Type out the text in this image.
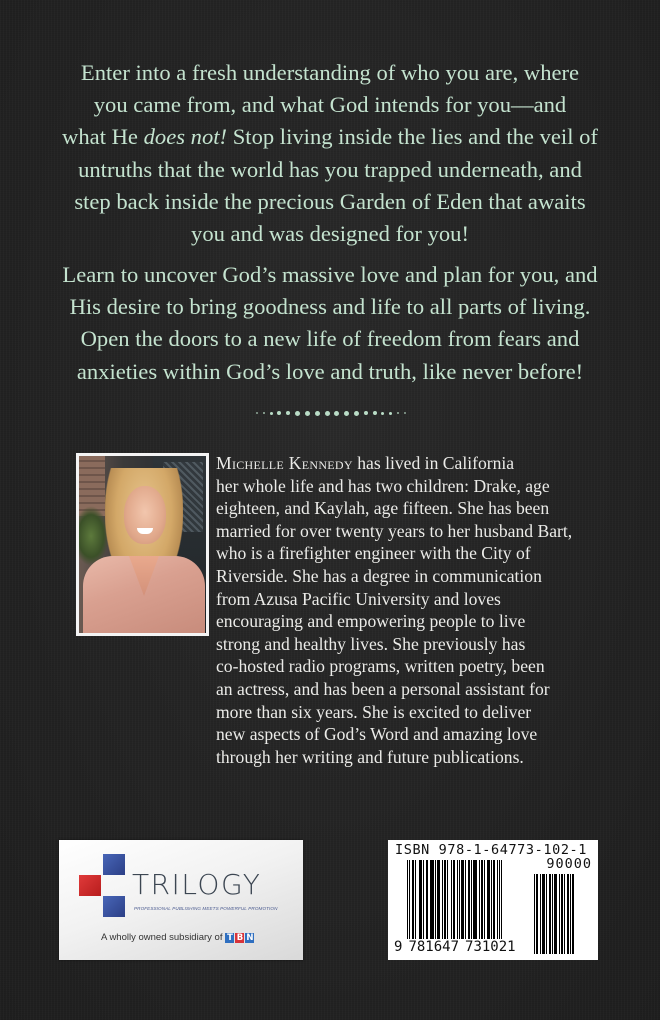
Enter into a fresh understanding of who you are, where
you came from, and what God intends for you—and
what He does not! Stop living inside the lies and the veil of
untruths that the world has you trapped underneath, and
step back inside the precious Garden of Eden that awaits
you and was designed for you!

Learn to uncover God’s massive love and plan for you, and
His desire to bring goodness and life to all parts of living.
Open the doors to a new life of freedom from fears and
anxieties within God’s love and truth, like never before!

Michelle Kennedy has lived in California
her whole life and has two children: Drake, age
eighteen, and Kaylah, age fifteen. She has been
married for over twenty years to her husband Bart,
who is a firefighter engineer with the City of
Riverside. She has a degree in communication
from Azusa Pacific University and loves
encouraging and empowering people to live
strong and healthy lives. She previously has
co-hosted radio programs, written poetry, been
an actress, and has been a personal assistant for
more than six years. She is excited to deliver
new aspects of God’s Word and amazing love
through her writing and future publications.

TRILOGY
PROFESSIONAL PUBLISHING MEETS POWERFUL PROMOTION
A wholly owned subsidiary of T B N
ISBN 978-1-64773-102-1
90000
9 781647 731021
